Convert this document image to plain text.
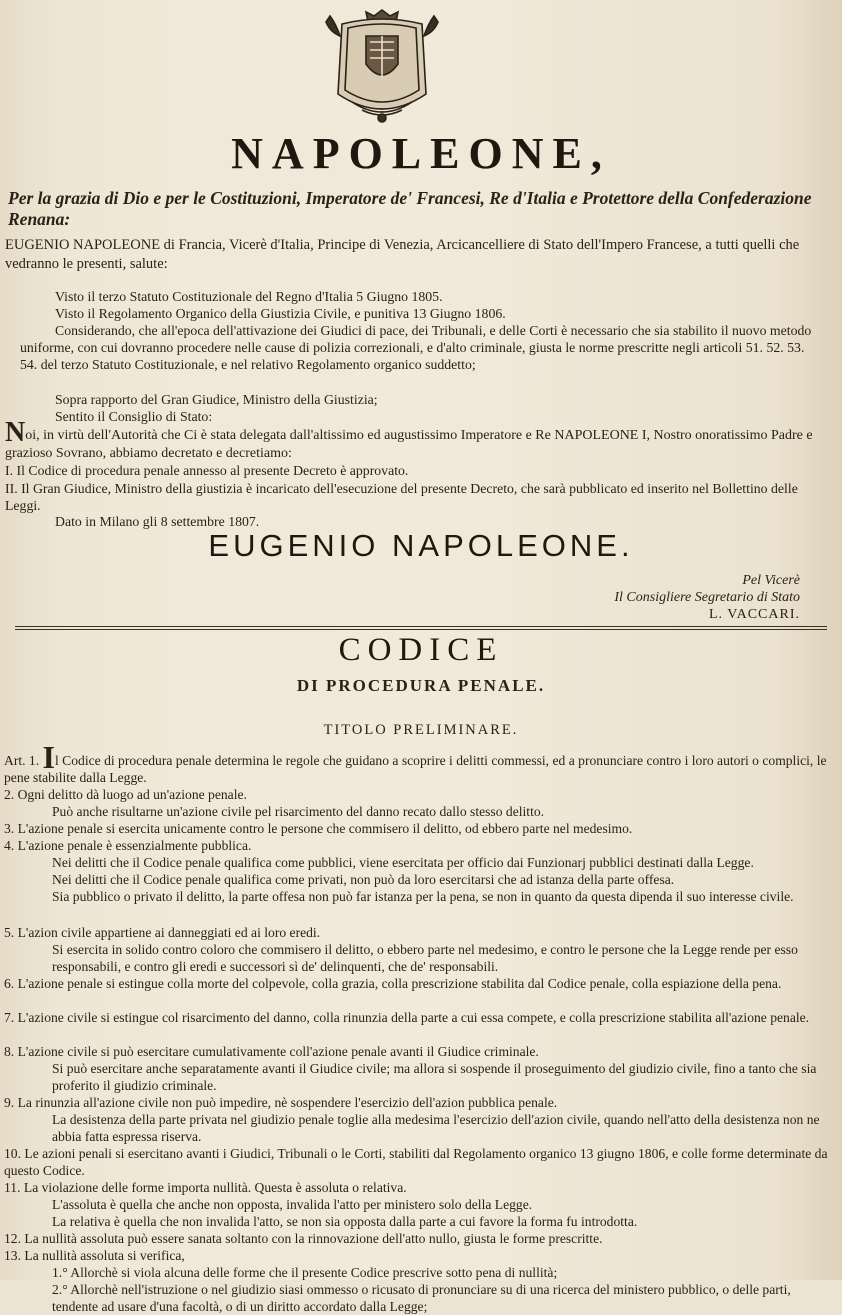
NAPOLEONE,
Per la grazia di Dio e per le Costituzioni, Imperatore de' Francesi, Re d'Italia e Protettore della Confederazione Renana:
EUGENIO NAPOLEONE di Francia, Vicerè d'Italia, Principe di Venezia, Arcicancelliere di Stato dell'Impero Francese, a tutti quelli che vedranno le presenti, salute:
Visto il terzo Statuto Costituzionale del Regno d'Italia 5 Giugno 1805.
Visto il Regolamento Organico della Giustizia Civile, e punitiva 13 Giugno 1806.
Considerando, che all'epoca dell'attivazione dei Giudici di pace, dei Tribunali, e delle Corti è necessario che sia stabilito il nuovo metodo uniforme, con cui dovranno procedere nelle cause di polizia correzionali, e d'alto criminale, giusta le norme prescritte negli articoli 51. 52. 53. 54. del terzo Statuto Costituzionale, e nel relativo Regolamento organico suddetto;
Sopra rapporto del Gran Giudice, Ministro della Giustizia;
Sentito il Consiglio di Stato:
Noi, in virtù dell'Autorità che Ci è stata delegata dall'altissimo ed augustissimo Imperatore e Re NAPOLEONE I, Nostro onoratissimo Padre e grazioso Sovrano, abbiamo decretato e decretiamo:
I. Il Codice di procedura penale annesso al presente Decreto è approvato.
II. Il Gran Giudice, Ministro della giustizia è incaricato dell'esecuzione del presente Decreto, che sarà pubblicato ed inserito nel Bollettino delle Leggi.
Dato in Milano gli 8 settembre 1807.
EUGENIO NAPOLEONE.
Pel Vicerè
Il Consigliere Segretario di Stato
L. VACCARI.
CODICE
DI PROCEDURA PENALE.
TITOLO PRELIMINARE.
Art. 1. Il Codice di procedura penale determina le regole che guidano a scoprire i delitti commessi, ed a pronunciare contro i loro autori o complici, le pene stabilite dalla Legge.
2. Ogni delitto dà luogo ad un'azione penale.
Può anche risultarne un'azione civile pel risarcimento del danno recato dallo stesso delitto.
3. L'azione penale si esercita unicamente contro le persone che commisero il delitto, od ebbero parte nel medesimo.
4. L'azione penale è essenzialmente pubblica.
Nei delitti che il Codice penale qualifica come pubblici, viene esercitata per officio dai Funzionarj pubblici destinati dalla Legge.
Nei delitti che il Codice penale qualifica come privati, non può da loro esercitarsi che ad istanza della parte offesa.
Sia pubblico o privato il delitto, la parte offesa non può far istanza per la pena, se non in quanto da questa dipenda il suo interesse civile.
5. L'azion civile appartiene ai danneggiati ed ai loro eredi.
Si esercita in solido contro coloro che commisero il delitto, o ebbero parte nel medesimo, e contro le persone che la Legge rende per esso responsabili, e contro gli eredi e successori sì de' delinquenti, che de' responsabili.
6. L'azione penale si estingue colla morte del colpevole, colla grazia, colla prescrizione stabilita dal Codice penale, colla espiazione della pena.
7. L'azione civile si estingue col risarcimento del danno, colla rinunzia della parte a cui essa compete, e colla prescrizione stabilita all'azione penale.
8. L'azione civile si può esercitare cumulativamente coll'azione penale avanti il Giudice criminale.
Si può esercitare anche separatamente avanti il Giudice civile; ma allora si sospende il proseguimento del giudizio civile, fino a tanto che sia proferito il giudizio criminale.
9. La rinunzia all'azione civile non può impedire, nè sospendere l'esercizio dell'azion pubblica penale.
La desistenza della parte privata nel giudizio penale toglie alla medesima l'esercizio dell'azion civile, quando nell'atto della desistenza non ne abbia fatta espressa riserva.
10. Le azioni penali si esercitano avanti i Giudici, Tribunali o le Corti, stabiliti dal Regolamento organico 13 giugno 1806, e colle forme determinate da questo Codice.
11. La violazione delle forme importa nullità. Questa è assoluta o relativa.
L'assoluta è quella che anche non opposta, invalida l'atto per ministero solo della Legge.
La relativa è quella che non invalida l'atto, se non sia opposta dalla parte a cui favore la forma fu introdotta.
12. La nullità assoluta può essere sanata soltanto con la rinnovazione dell'atto nullo, giusta le forme prescritte.
13. La nullità assoluta si verifica,
1.° Allorchè si viola alcuna delle forme che il presente Codice prescrive sotto pena di nullità;
2.° Allorchè nell'istruzione o nel giudizio siasi ommesso o ricusato di pronunciare su di una ricerca del ministero pubblico, o delle parti, tendente ad usare d'una facoltà, o di un diritto accordato dalla Legge;
